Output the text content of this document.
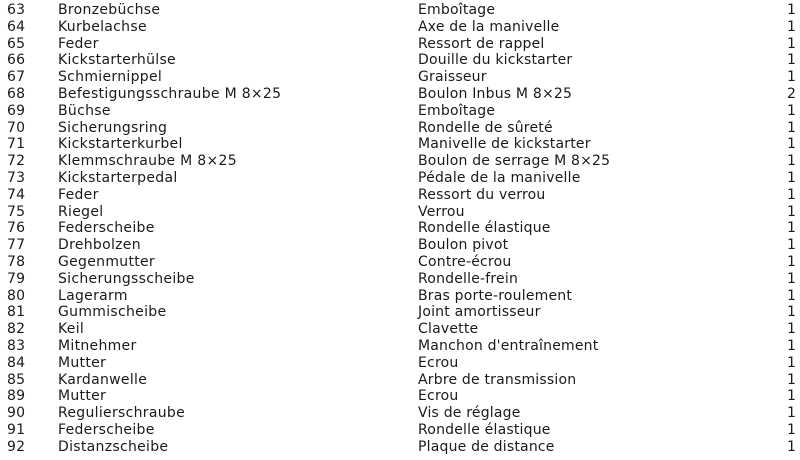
63 Bronzebüchse	Emboîtage	1
64 Kurbelachse	Axe de la manivelle	1
65 Feder	Ressort de rappel	1
66 Kickstarterhülse	Douille du kickstarter	1
67 Schmiernippel	Graisseur	1
68 Befestigungsschraube M 8×25	Boulon Inbus M 8×25	2
69 Büchse	Emboîtage	1
70 Sicherungsring	Rondelle de sûreté	1
71 Kickstarterkurbel	Manivelle de kickstarter	1
72 Klemmschraube M 8×25	Boulon de serrage M 8×25	1
73 Kickstarterpedal	Pédale de la manivelle	1
74 Feder	Ressort du verrou	1
75 Riegel	Verrou	1
76 Federscheibe	Rondelle élastique	1
77 Drehbolzen	Boulon pivot	1
78 Gegenmutter	Contre-écrou	1
79 Sicherungsscheibe	Rondelle-frein	1
80 Lagerarm	Bras porte-roulement	1
81 Gummischeibe	Joint amortisseur	1
82 Keil	Clavette	1
83 Mitnehmer	Manchon d'entraînement	1
84 Mutter	Ecrou	1
85 Kardanwelle	Arbre de transmission	1
89 Mutter	Ecrou	1
90 Regulierschraube	Vis de réglage	1
91 Federscheibe	Rondelle élastique	1
92 Distanzscheibe	Plaque de distance	1
